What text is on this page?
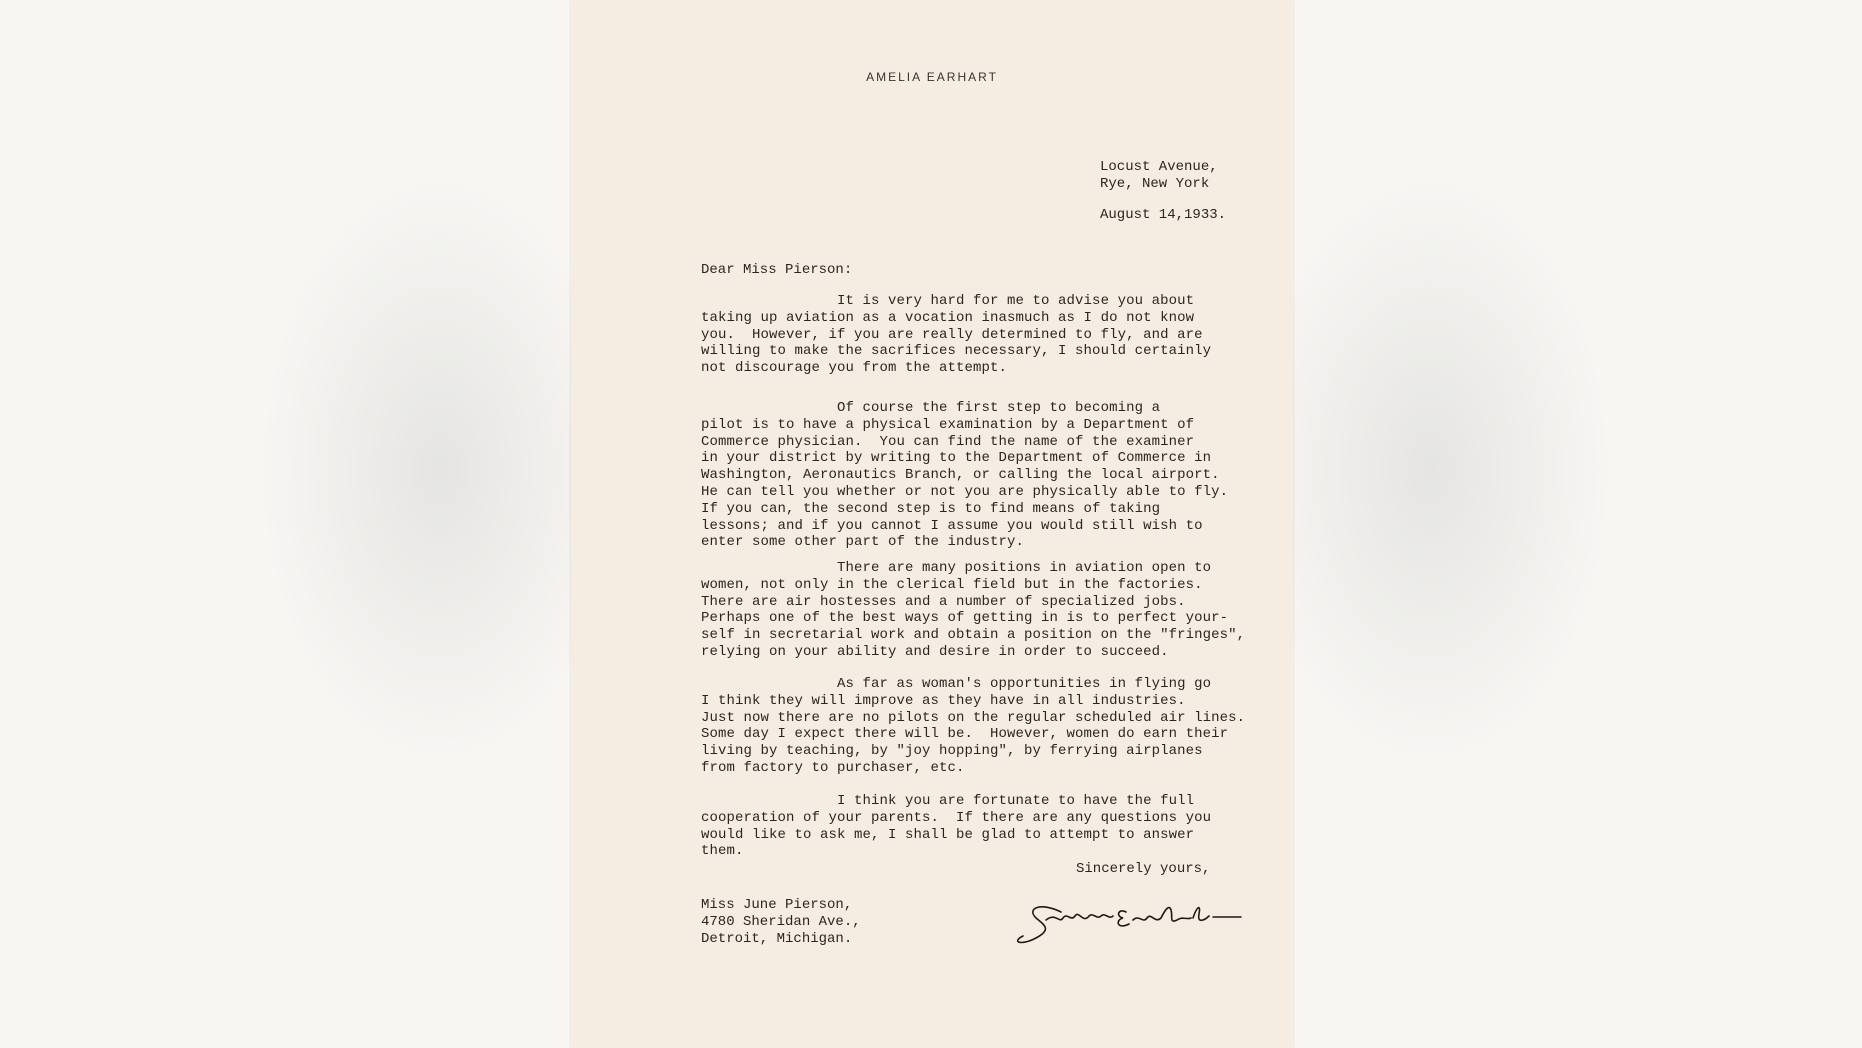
AMELIA EARHART
Locust Avenue,
Rye, New York
August 14,1933.
Dear Miss Pierson:
It is very hard for me to advise you about
taking up aviation as a vocation inasmuch as I do not know
you.  However, if you are really determined to fly, and are
willing to make the sacrifices necessary, I should certainly
not discourage you from the attempt.
Of course the first step to becoming a
pilot is to have a physical examination by a Department of
Commerce physician.  You can find the name of the examiner
in your district by writing to the Department of Commerce in
Washington, Aeronautics Branch, or calling the local airport.
He can tell you whether or not you are physically able to fly.
If you can, the second step is to find means of taking
lessons; and if you cannot I assume you would still wish to
enter some other part of the industry.
There are many positions in aviation open to
women, not only in the clerical field but in the factories.
There are air hostesses and a number of specialized jobs.
Perhaps one of the best ways of getting in is to perfect your-
self in secretarial work and obtain a position on the "fringes",
relying on your ability and desire in order to succeed.
As far as woman's opportunities in flying go
I think they will improve as they have in all industries.
Just now there are no pilots on the regular scheduled air lines.
Some day I expect there will be.  However, women do earn their
living by teaching, by "joy hopping", by ferrying airplanes
from factory to purchaser, etc.
I think you are fortunate to have the full
cooperation of your parents.  If there are any questions you
would like to ask me, I shall be glad to attempt to answer
them.
Sincerely yours,
Miss June Pierson,
4780 Sheridan Ave.,
Detroit, Michigan.
